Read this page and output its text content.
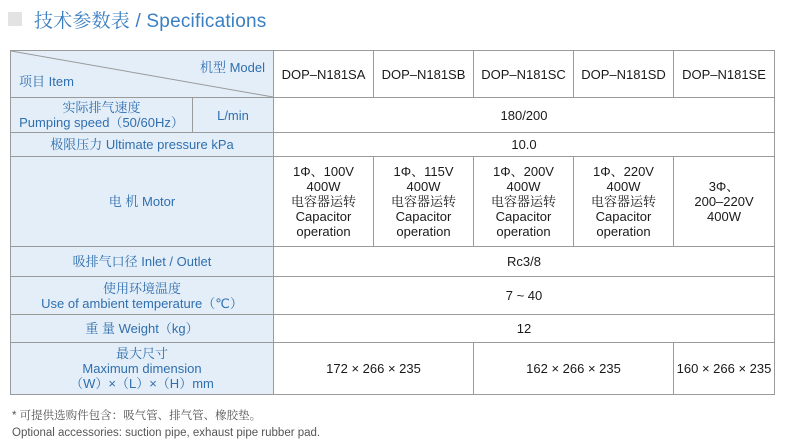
技术参数表 / Specifications
机型 Model
项目 Item		DOP–N181SA	DOP–N181SB	DOP–N181SC	DOP–N181SD	DOP–N181SE

实际排气速度
Pumping speed（50/60Hz）	L/min	180/200				
极限压力 Ultimate pressure kPa		10.0				
电 机 Motor		1Φ、100V
400W
电容器运转
Capacitor
operation	1Φ、115V
400W
电容器运转
Capacitor
operation	1Φ、200V
400W
电容器运转
Capacitor
operation	1Φ、220V
400W
电容器运转
Capacitor
operation	3Φ、
200–220V
400W

吸排气口径 Inlet / Outlet		Rc3/8				

使用环境温度
Use of ambient temperature（℃）		7 ~ 40				
重 量 Weight（kg）		12				

最大尺寸
Maximum dimension
（W）×（L）×（H）mm		172 × 266 × 235		162 × 266 × 235		160 × 266 × 235
* 可提供选购件包含：吸气管、排气管、橡胶垫。
Optional accessories: suction pipe, exhaust pipe rubber pad.
